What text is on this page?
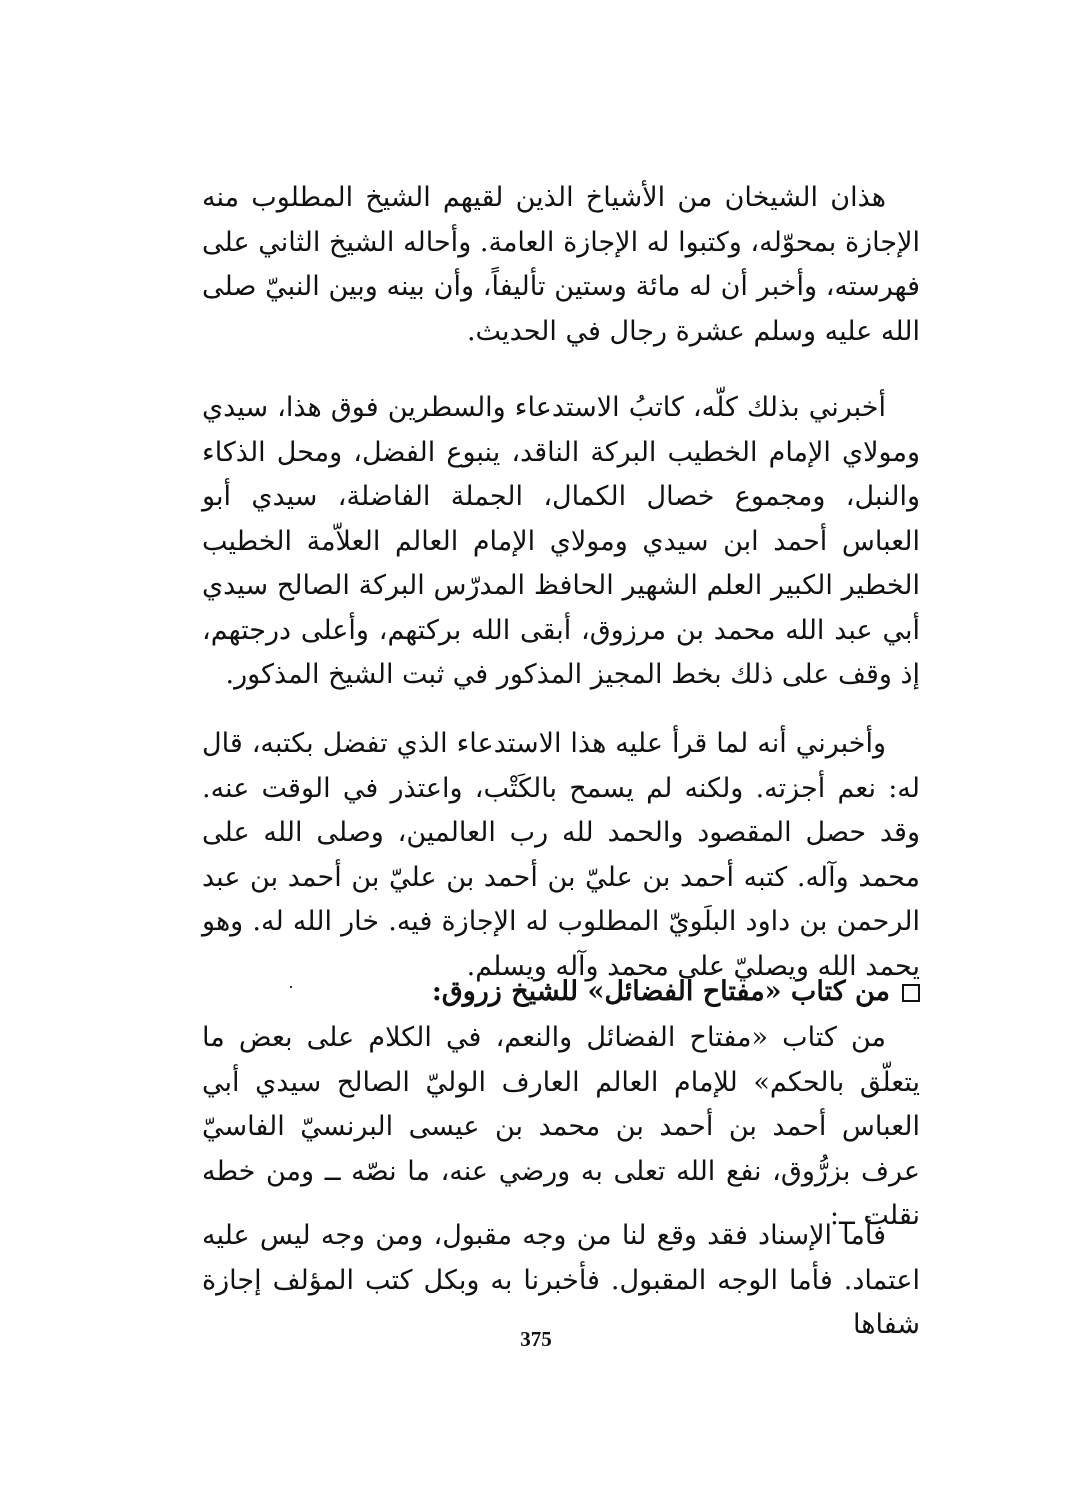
هذان الشيخان من الأشياخ الذين لقيهم الشيخ المطلوب منه الإجازة بمحوّله، وكتبوا له الإجازة العامة. وأحاله الشيخ الثاني على فهرسته، وأخبر أن له مائة وستين تأليفاً، وأن بينه وبين النبيّ صلى الله عليه وسلم عشرة رجال في الحديث.

أخبرني بذلك كلّه، كاتبُ الاستدعاء والسطرين فوق هذا، سيدي ومولاي الإمام الخطيب البركة الناقد، ينبوع الفضل، ومحل الذكاء والنبل، ومجموع خصال الكمال، الجملة الفاضلة، سيدي أبو العباس أحمد ابن سيدي ومولاي الإمام العالم العلاّمة الخطيب الخطير الكبير العلم الشهير الحافظ المدرّس البركة الصالح سيدي أبي عبد الله محمد بن مرزوق، أبقى الله بركتهم، وأعلى درجتهم، إذ وقف على ذلك بخط المجيز المذكور في ثبت الشيخ المذكور.

وأخبرني أنه لما قرأ عليه هذا الاستدعاء الذي تفضل بكتبه، قال له: نعم أجزته. ولكنه لم يسمح بالكَتْب، واعتذر في الوقت عنه. وقد حصل المقصود والحمد لله رب العالمين، وصلى الله على محمد وآله. كتبه أحمد بن عليّ بن أحمد بن عليّ بن أحمد بن عبد الرحمن بن داود البلَويّ المطلوب له الإجازة فيه. خار الله له. وهو يحمد الله ويصليّ على محمد وآله ويسلم.

من كتاب «مفتاح الفضائل» للشيخ زروق:

من كتاب «مفتاح الفضائل والنعم، في الكلام على بعض ما يتعلّق بالحكم» للإمام العالم العارف الوليّ الصالح سيدي أبي العباس أحمد بن أحمد بن محمد بن عيسى البرنسيّ الفاسيّ عرف بزرُّوق، نفع الله تعلى به ورضي عنه، ما نصّه ــ ومن خطه نقلت ــ:

فأما الإسناد فقد وقع لنا من وجه مقبول، ومن وجه ليس عليه اعتماد. فأما الوجه المقبول. فأخبرنا به وبكل كتب المؤلف إجازة شفاها

375
